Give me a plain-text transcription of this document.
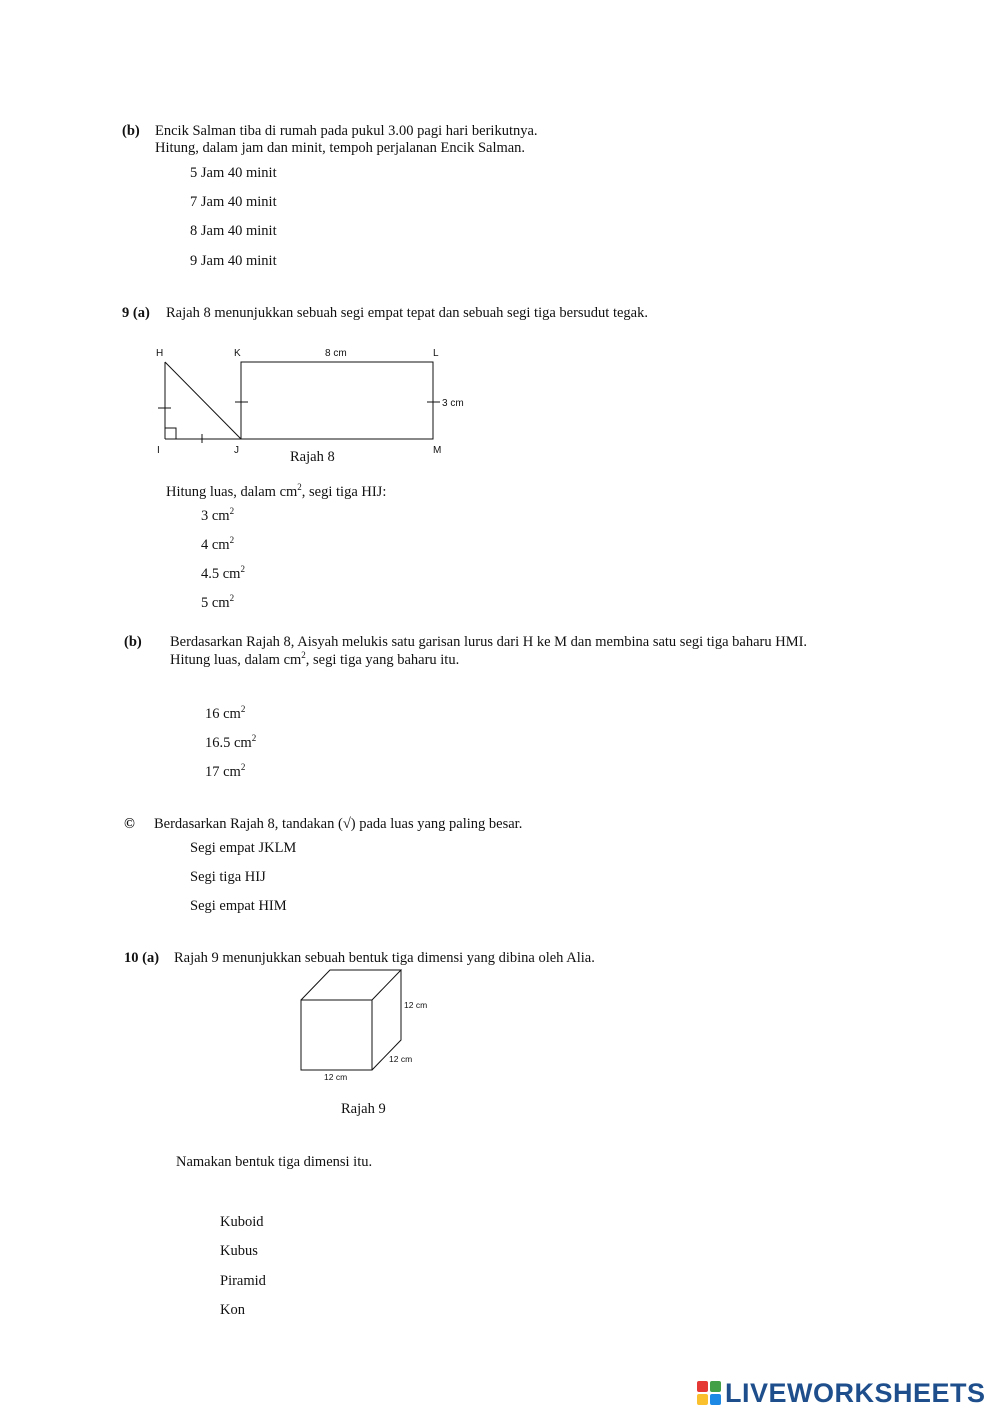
(b) Encik Salman tiba di rumah pada pukul 3.00 pagi hari berikutnya.
Hitung, dalam jam dan minit, tempoh perjalanan Encik Salman.
5 Jam 40 minit
7 Jam 40 minit
8 Jam 40 minit
9 Jam 40 minit
9 (a) Rajah 8 menunjukkan sebuah segi empat tepat dan sebuah segi tiga bersudut tegak.
H	K	L
I	J	M
8 cm
3 cm
Rajah 8
Hitung luas, dalam $cm^2$, segi tiga HIJ:
3 $cm^2$
4 $cm^2$
4.5 $cm^2$
5 $cm^2$
(b) Berdasarkan Rajah 8, Aisyah melukis satu garisan lurus dari H ke M dan membina satu segi tiga baharu HMI.
Hitung luas, dalam $cm^2$, segi tiga yang baharu itu.
16 $cm^2$
16.5 $cm^2$
17 $cm^2$
© Berdasarkan Rajah 8, tandakan (√) pada luas yang paling besar.
Segi empat JKLM
Segi tiga HIJ
Segi empat HIM
10 (a) Rajah 9 menunjukkan sebuah bentuk tiga dimensi yang dibina oleh Alia.
12 cm
12 cm
12 cm
Rajah 9
Namakan bentuk tiga dimensi itu.
Kuboid
Kubus
Piramid
Kon
LIVEWORKSHEETS
